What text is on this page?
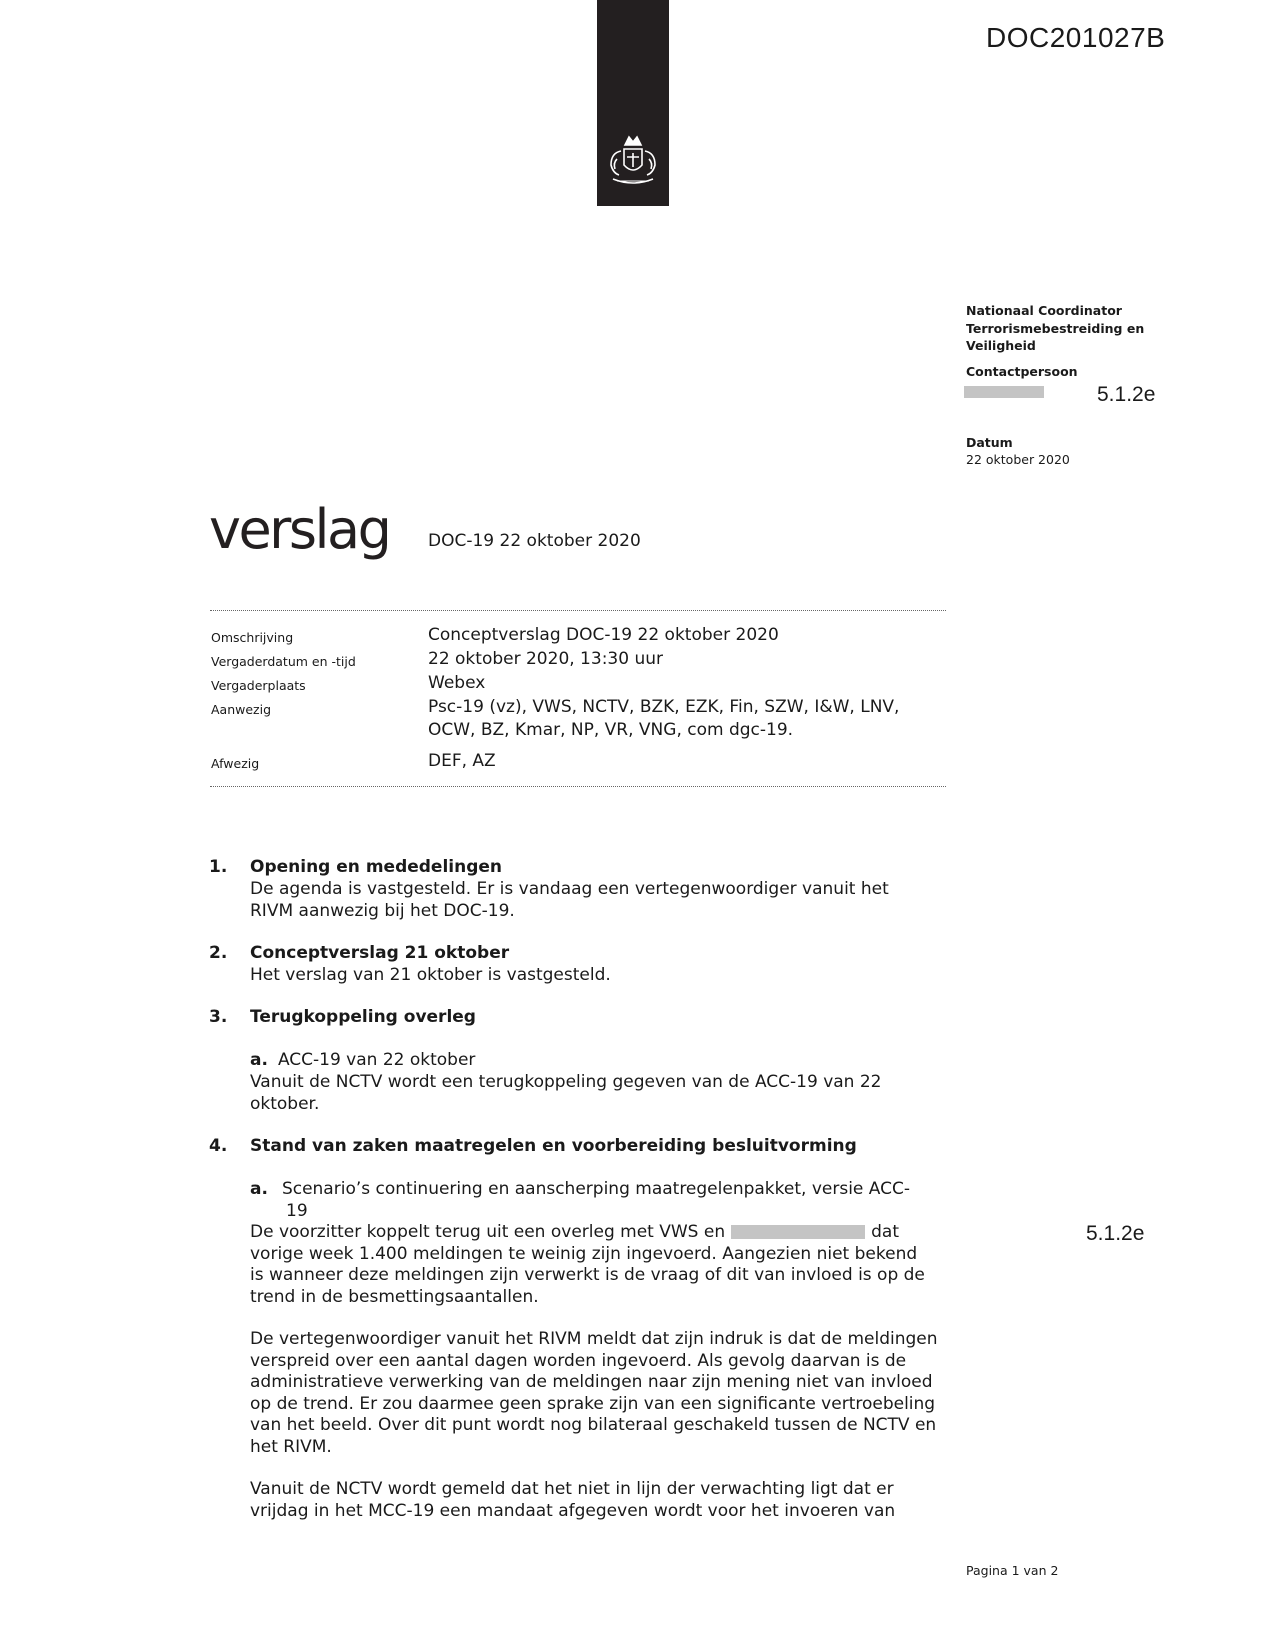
DOC201027B
Nationaal Coordinator
Terrorismebestreiding en
Veiligheid
Contactpersoon
5.1.2e
Datum
22 oktober 2020
verslag DOC-19 22 oktober 2020
Omschrijving	Conceptverslag DOC-19 22 oktober 2020
Vergaderdatum en -tijd	22 oktober 2020, 13:30 uur
Vergaderplaats	Webex
Aanwezig	Psc-19 (vz), VWS, NCTV, BZK, EZK, Fin, SZW, I&W, LNV, OCW, BZ, Kmar, NP, VR, VNG, com dgc-19.
Afwezig	DEF, AZ
1. Opening en mededelingen
De agenda is vastgesteld. Er is vandaag een vertegenwoordiger vanuit het RIVM aanwezig bij het DOC-19.
2. Conceptverslag 21 oktober
Het verslag van 21 oktober is vastgesteld.
3. Terugkoppeling overleg
a. ACC-19 van 22 oktober
Vanuit de NCTV wordt een terugkoppeling gegeven van de ACC-19 van 22 oktober.
4. Stand van zaken maatregelen en voorbereiding besluitvorming
a. Scenario’s continuering en aanscherping maatregelenpakket, versie ACC-19
De voorzitter koppelt terug uit een overleg met VWS en	dat vorige week 1.400 meldingen te weinig zijn ingevoerd. Aangezien niet bekend is wanneer deze meldingen zijn verwerkt is de vraag of dit van invloed is op de trend in de besmettingsaantallen.
5.1.2e
De vertegenwoordiger vanuit het RIVM meldt dat zijn indruk is dat de meldingen verspreid over een aantal dagen worden ingevoerd. Als gevolg daarvan is de administratieve verwerking van de meldingen naar zijn mening niet van invloed op de trend. Er zou daarmee geen sprake zijn van een significante vertroebeling van het beeld. Over dit punt wordt nog bilateraal geschakeld tussen de NCTV en het RIVM.
Vanuit de NCTV wordt gemeld dat het niet in lijn der verwachting ligt dat er vrijdag in het MCC-19 een mandaat afgegeven wordt voor het invoeren van
Pagina 1 van 2
